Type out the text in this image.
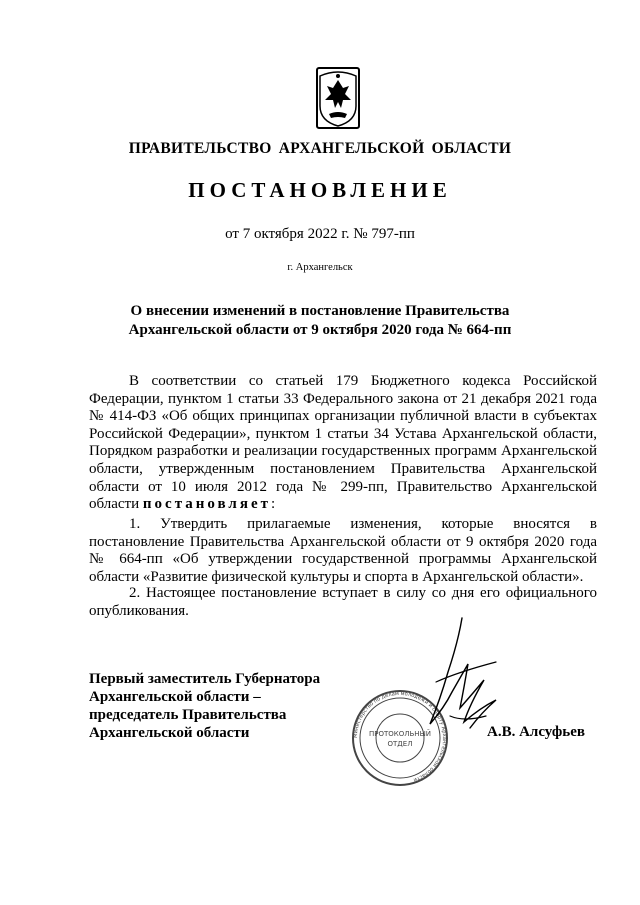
ПРАВИТЕЛЬСТВО АРХАНГЕЛЬСКОЙ ОБЛАСТИ
ПОСТАНОВЛЕНИЕ
от 7 октября 2022 г. № 797-пп
г. Архангельск
О внесении изменений в постановление Правительства
Архангельской области от 9 октября 2020 года № 664-пп
В соответствии со статьей 179 Бюджетного кодекса Российской Федерации, пунктом 1 статьи 33 Федерального закона от 21 декабря 2021 года № 414-ФЗ «Об общих принципах организации публичной власти в субъектах Российской Федерации», пунктом 1 статьи 34 Устава Архангельской области, Порядком разработки и реализации государственных программ Архангельской области, утвержденным постановлением Правительства Архангельской области от 10 июля 2012 года № 299-пп, Правительство Архангельской области постановляет:
1. Утвердить прилагаемые изменения, которые вносятся в постановление Правительства Архангельской области от 9 октября 2020 года № 664-пп «Об утверждении государственной программы Архангельской области «Развитие физической культуры и спорта в Архангельской области».
2. Настоящее постановление вступает в силу со дня его официального опубликования.
Первый заместитель Губернатора
Архангельской области –
председатель Правительства
Архангельской области	Министерство по делам молодежи и спорту Архангельской области
ПРОТОКОЛЬНЫЙ
ОТДЕЛ
А.В. Алсуфьев
